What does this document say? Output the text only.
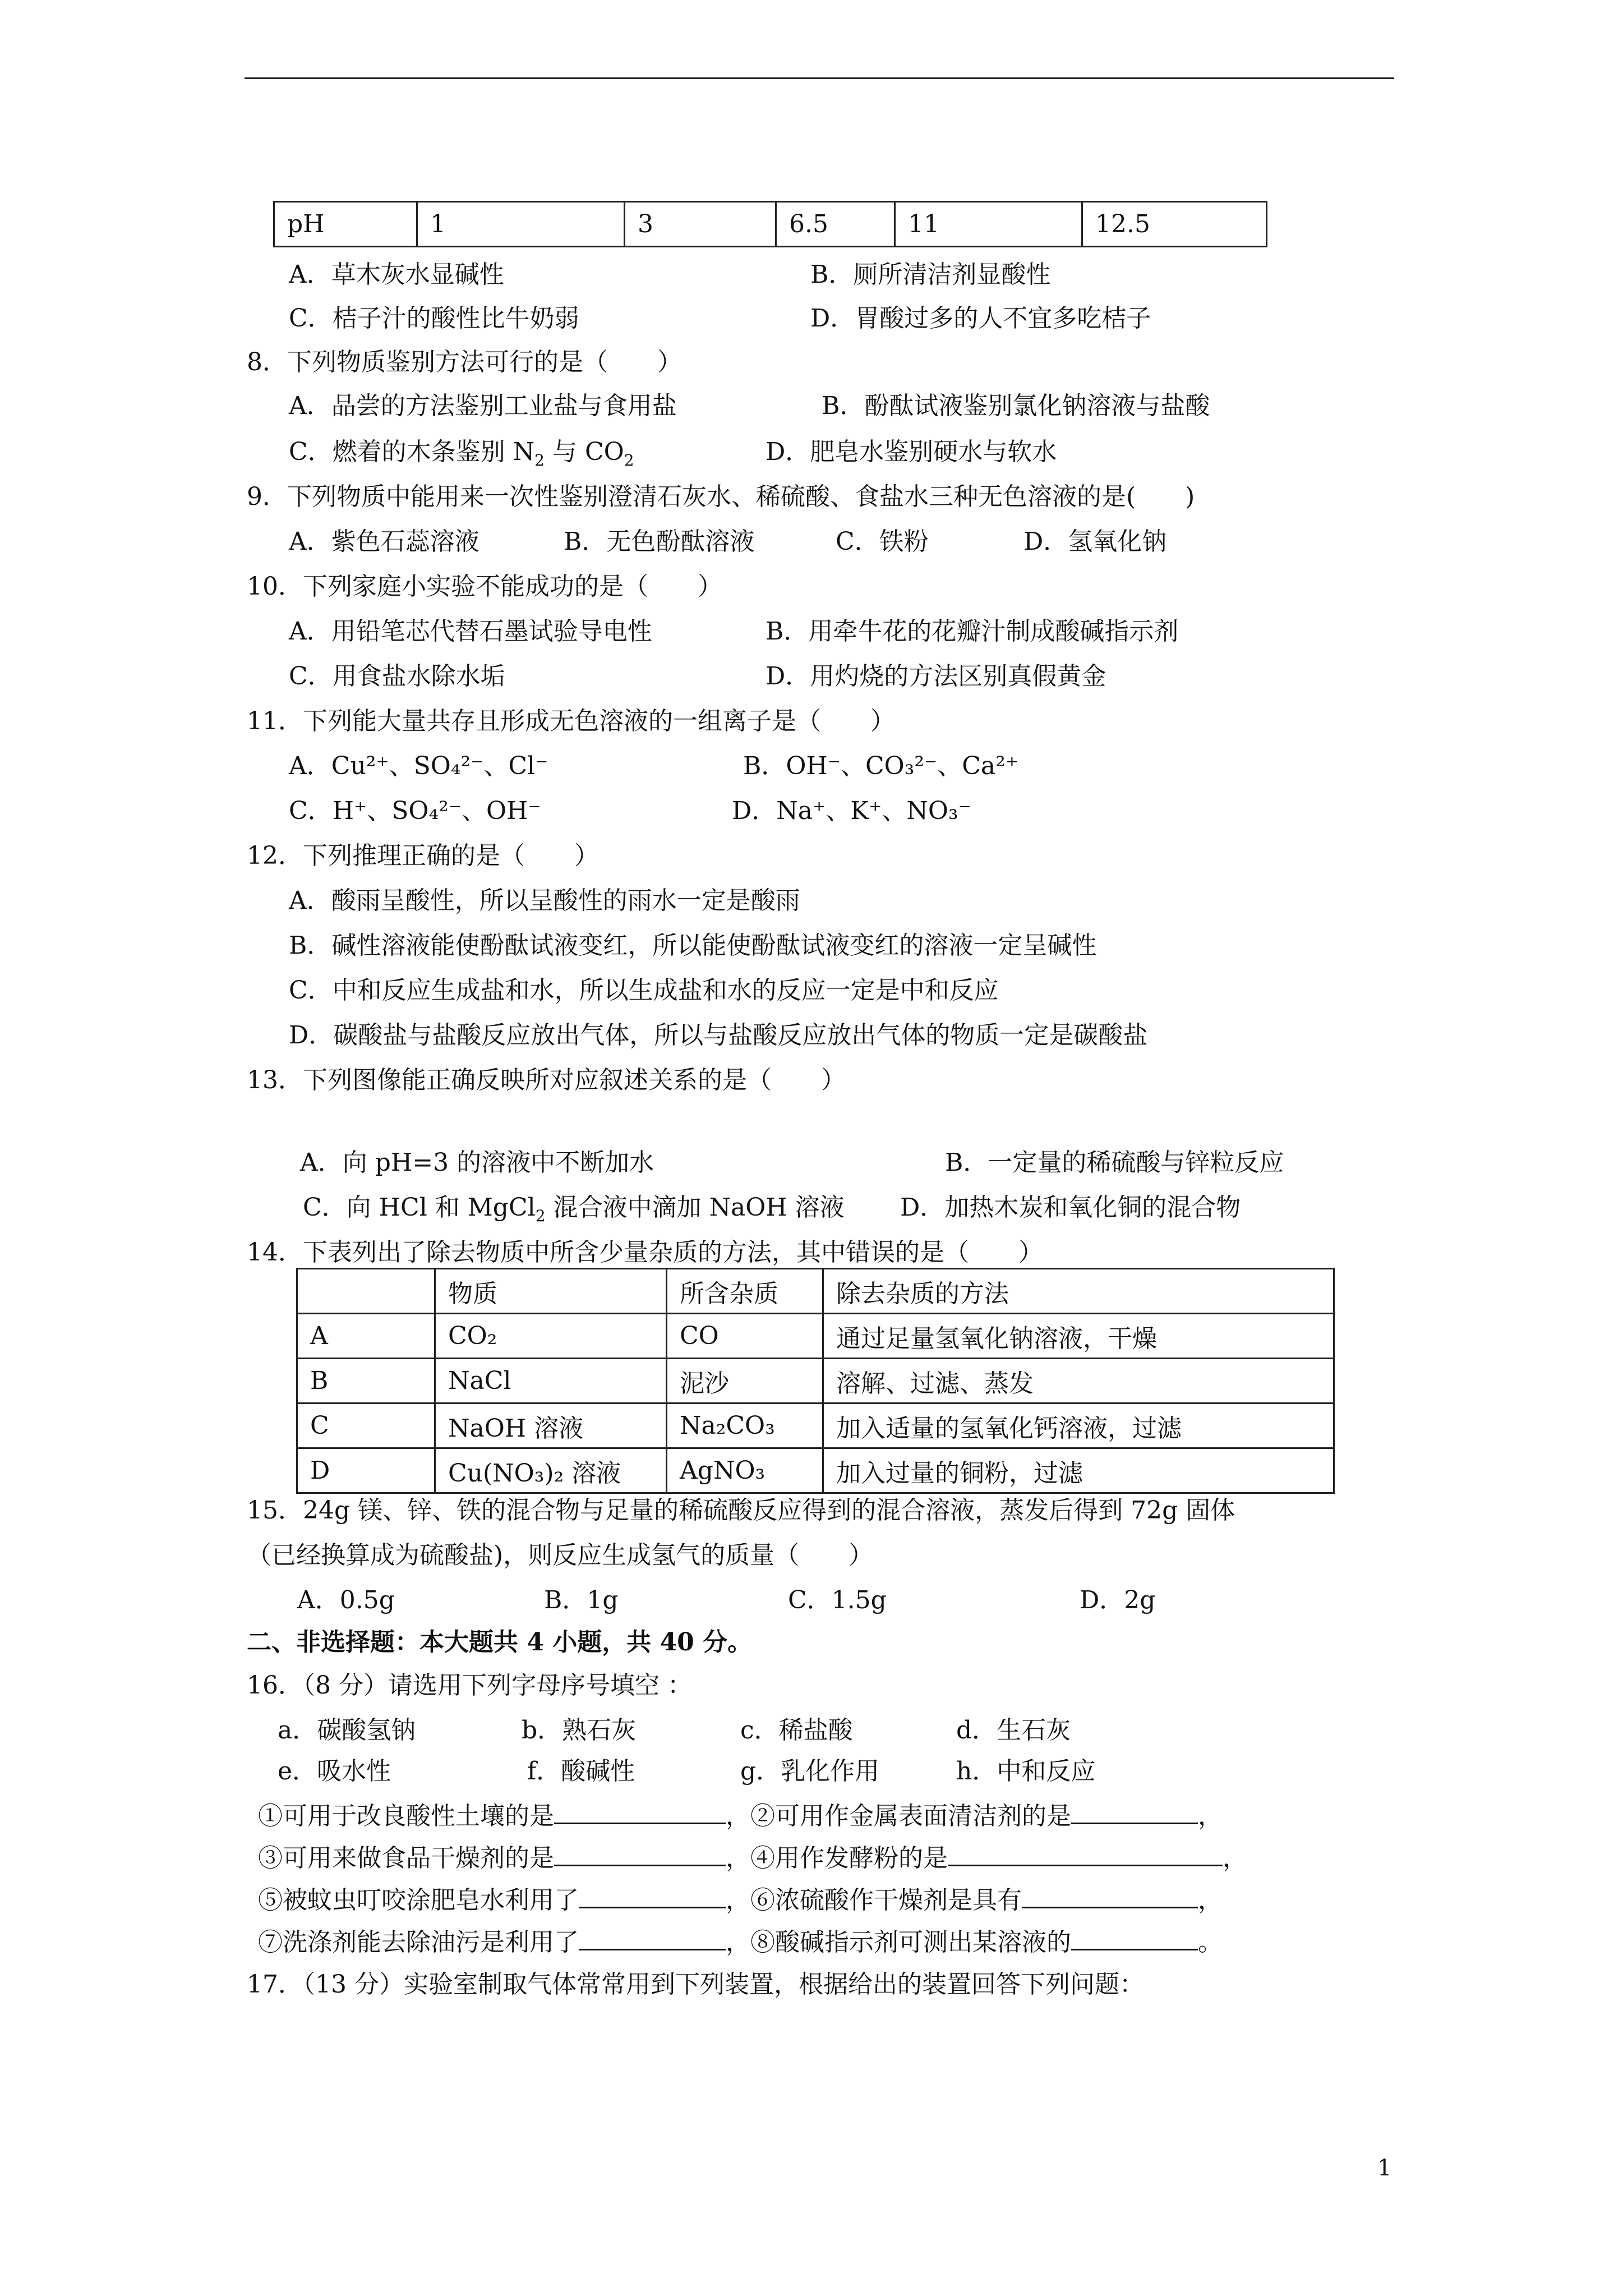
pH	1	3	6.5	11	12.5
A．草木灰水显碱性	B．厕所清洁剂显酸性
C．桔子汁的酸性比牛奶弱	D．胃酸过多的人不宜多吃桔子
8．下列物质鉴别方法可行的是（　　）
A．品尝的方法鉴别工业盐与食用盐	B．酚酞试液鉴别氯化钠溶液与盐酸
C．燃着的木条鉴别 $N_2$ 与 $CO_2$	D．肥皂水鉴别硬水与软水
9．下列物质中能用来一次性鉴别澄清石灰水、稀硫酸、食盐水三种无色溶液的是(　　)
A．紫色石蕊溶液	B．无色酚酞溶液	C．铁粉	D．氢氧化钠
10．下列家庭小实验不能成功的是（　　）
A．用铅笔芯代替石墨试验导电性	B．用牵牛花的花瓣汁制成酸碱指示剂
C．用食盐水除水垢	D．用灼烧的方法区别真假黄金
11．下列能大量共存且形成无色溶液的一组离子是（　　）
A．Cu²⁺、SO₄²⁻、Cl⁻	B．OH⁻、CO₃²⁻、Ca²⁺
C．H⁺、SO₄²⁻、OH⁻	D．Na⁺、K⁺、NO₃⁻
12．下列推理正确的是（　　）
A．酸雨呈酸性，所以呈酸性的雨水一定是酸雨
B．碱性溶液能使酚酞试液变红，所以能使酚酞试液变红的溶液一定呈碱性
C．中和反应生成盐和水，所以生成盐和水的反应一定是中和反应
D．碳酸盐与盐酸反应放出气体，所以与盐酸反应放出气体的物质一定是碳酸盐
13．下列图像能正确反映所对应叙述关系的是（　　）
A．向 pH=3 的溶液中不断加水	B．一定量的稀硫酸与锌粒反应
C．向 HCl 和 MgCl$_2$ 混合液中滴加 NaOH 溶液 D．加热木炭和氧化铜的混合物
14．下表列出了除去物质中所含少量杂质的方法，其中错误的是（　　）
	物质	所含杂质	除去杂质的方法
A	CO₂	CO	通过足量氢氧化钠溶液，干燥
B	NaCl	泥沙	溶解、过滤、蒸发
C	NaOH 溶液	Na₂CO₃	加入适量的氢氧化钙溶液，过滤
D	Cu(NO₃)₂ 溶液	AgNO₃	加入过量的铜粉，过滤
15．24g 镁、锌、铁的混合物与足量的稀硫酸反应得到的混合溶液，蒸发后得到 72g 固体
（已经换算成为硫酸盐)，则反应生成氢气的质量（　　）
A．0.5g	B．1g	C．1.5g	D．2g
二、非选择题：本大题共 4 小题，共 40 分。
16．（8 分）请选用下列字母序号填空 ：
a．碳酸氢钠	b．熟石灰	c．稀盐酸	d．生石灰
e．吸水性	f．酸碱性	g．乳化作用	h．中和反应
①可用于改良酸性土壤的是	，②可用作金属表面清洁剂的是	，
③可用来做食品干燥剂的是	，④用作发酵粉的是	，
⑤被蚊虫叮咬涂肥皂水利用了	，⑥浓硫酸作干燥剂是具有	，
⑦洗涤剂能去除油污是利用了	，⑧酸碱指示剂可测出某溶液的	。
17．（13 分）实验室制取气体常常用到下列装置，根据给出的装置回答下列问题：
1
